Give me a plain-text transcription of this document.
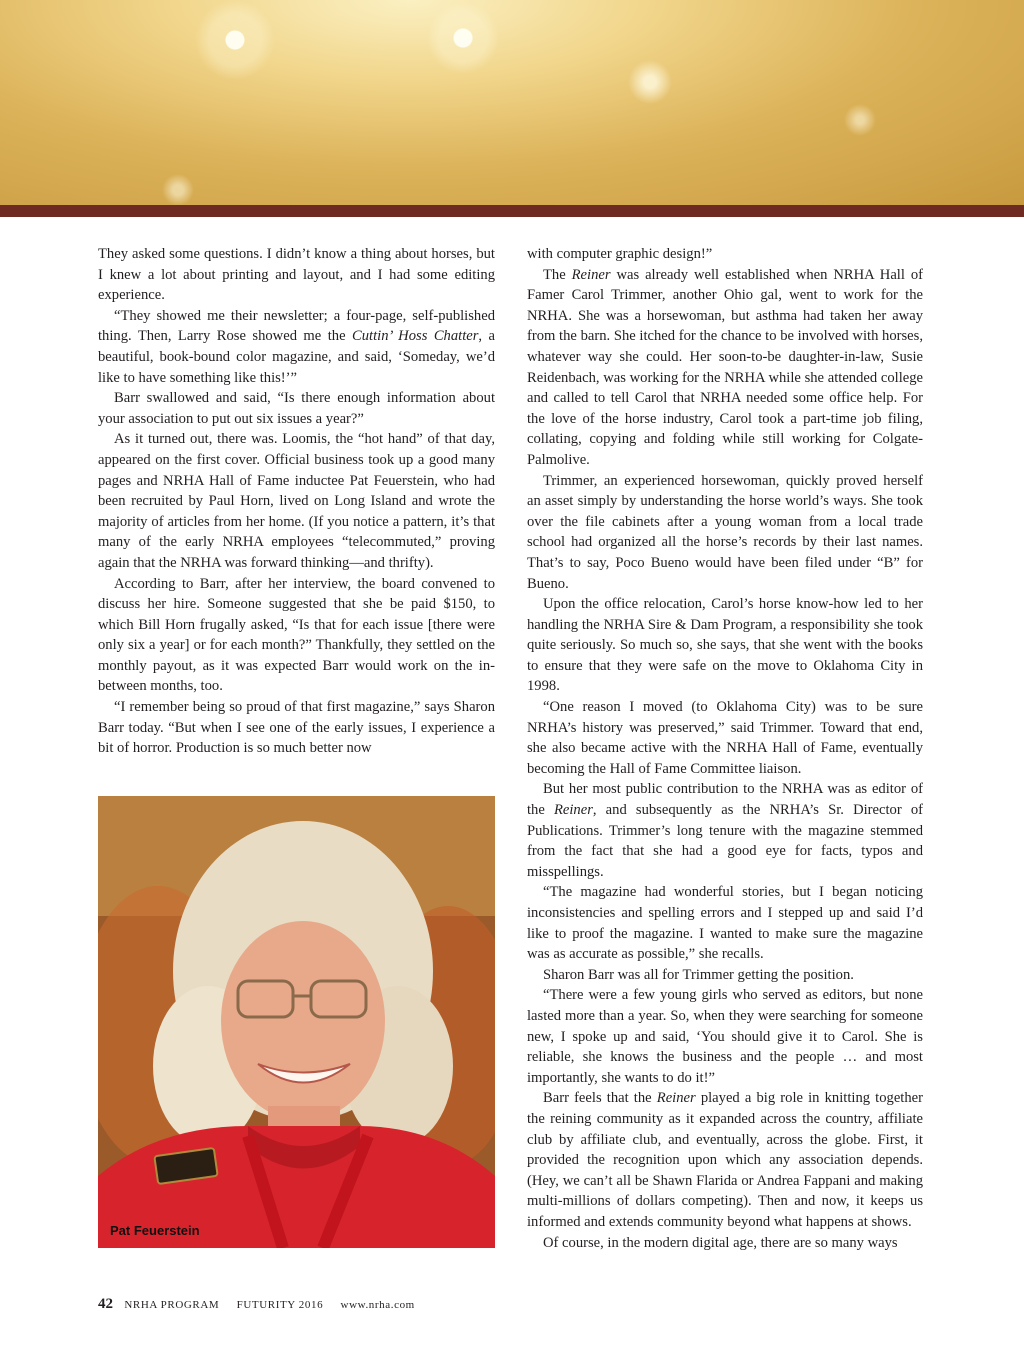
They asked some questions. I didn’t know a thing about horses, but I knew a lot about printing and layout, and I had some editing experience.

“They showed me their newsletter; a four-page, self-published thing. Then, Larry Rose showed me the Cuttin’ Hoss Chatter, a beautiful, book-bound color magazine, and said, ‘Someday, we’d like to have something like this!’”

Barr swallowed and said, “Is there enough information about your association to put out six issues a year?”

As it turned out, there was. Loomis, the “hot hand” of that day, appeared on the first cover. Official business took up a good many pages and NRHA Hall of Fame inductee Pat Feuerstein, who had been recruited by Paul Horn, lived on Long Island and wrote the majority of articles from her home. (If you notice a pattern, it’s that many of the early NRHA employees “telecommuted,” proving again that the NRHA was forward thinking—and thrifty).

According to Barr, after her interview, the board convened to discuss her hire. Someone suggested that she be paid $150, to which Bill Horn frugally asked, “Is that for each issue [there were only six a year] or for each month?” Thankfully, they settled on the monthly payout, as it was expected Barr would work on the in-between months, too.

“I remember being so proud of that first magazine,” says Sharon Barr today. “But when I see one of the early issues, I experience a bit of horror. Production is so much better now

Pat Feuerstein

with computer graphic design!”

The Reiner was already well established when NRHA Hall of Famer Carol Trimmer, another Ohio gal, went to work for the NRHA. She was a horsewoman, but asthma had taken her away from the barn. She itched for the chance to be involved with horses, whatever way she could. Her soon-to-be daughter-in-law, Susie Reidenbach, was working for the NRHA while she attended college and called to tell Carol that NRHA needed some office help. For the love of the horse industry, Carol took a part-time job filing, collating, copying and folding while still working for Colgate-Palmolive.

Trimmer, an experienced horsewoman, quickly proved herself an asset simply by understanding the horse world’s ways. She took over the file cabinets after a young woman from a local trade school had organized all the horse’s records by their last names. That’s to say, Poco Bueno would have been filed under “B” for Bueno.

Upon the office relocation, Carol’s horse know-how led to her handling the NRHA Sire & Dam Program, a responsibility she took quite seriously. So much so, she says, that she went with the books to ensure that they were safe on the move to Oklahoma City in 1998.

“One reason I moved (to Oklahoma City) was to be sure NRHA’s history was preserved,” said Trimmer. Toward that end, she also became active with the NRHA Hall of Fame, eventually becoming the Hall of Fame Committee liaison.

But her most public contribution to the NRHA was as editor of the Reiner, and subsequently as the NRHA’s Sr. Director of Publications. Trimmer’s long tenure with the magazine stemmed from the fact that she had a good eye for facts, typos and misspellings.

“The magazine had wonderful stories, but I began noticing inconsistencies and spelling errors and I stepped up and said I’d like to proof the magazine. I wanted to make sure the magazine was as accurate as possible,” she recalls.

Sharon Barr was all for Trimmer getting the position.

“There were a few young girls who served as editors, but none lasted more than a year. So, when they were searching for someone new, I spoke up and said, ‘You should give it to Carol. She is reliable, she knows the business and the people … and most importantly, she wants to do it!”

Barr feels that the Reiner played a big role in knitting together the reining community as it expanded across the country, affiliate club by affiliate club, and eventually, across the globe. First, it provided the recognition upon which any association depends. (Hey, we can’t all be Shawn Flarida or Andrea Fappani and making multi-millions of dollars competing). Then and now, it keeps us informed and extends community beyond what happens at shows.

Of course, in the modern digital age, there are so many ways

42 NRHA PROGRAM FUTURITY 2016 www.nrha.com
